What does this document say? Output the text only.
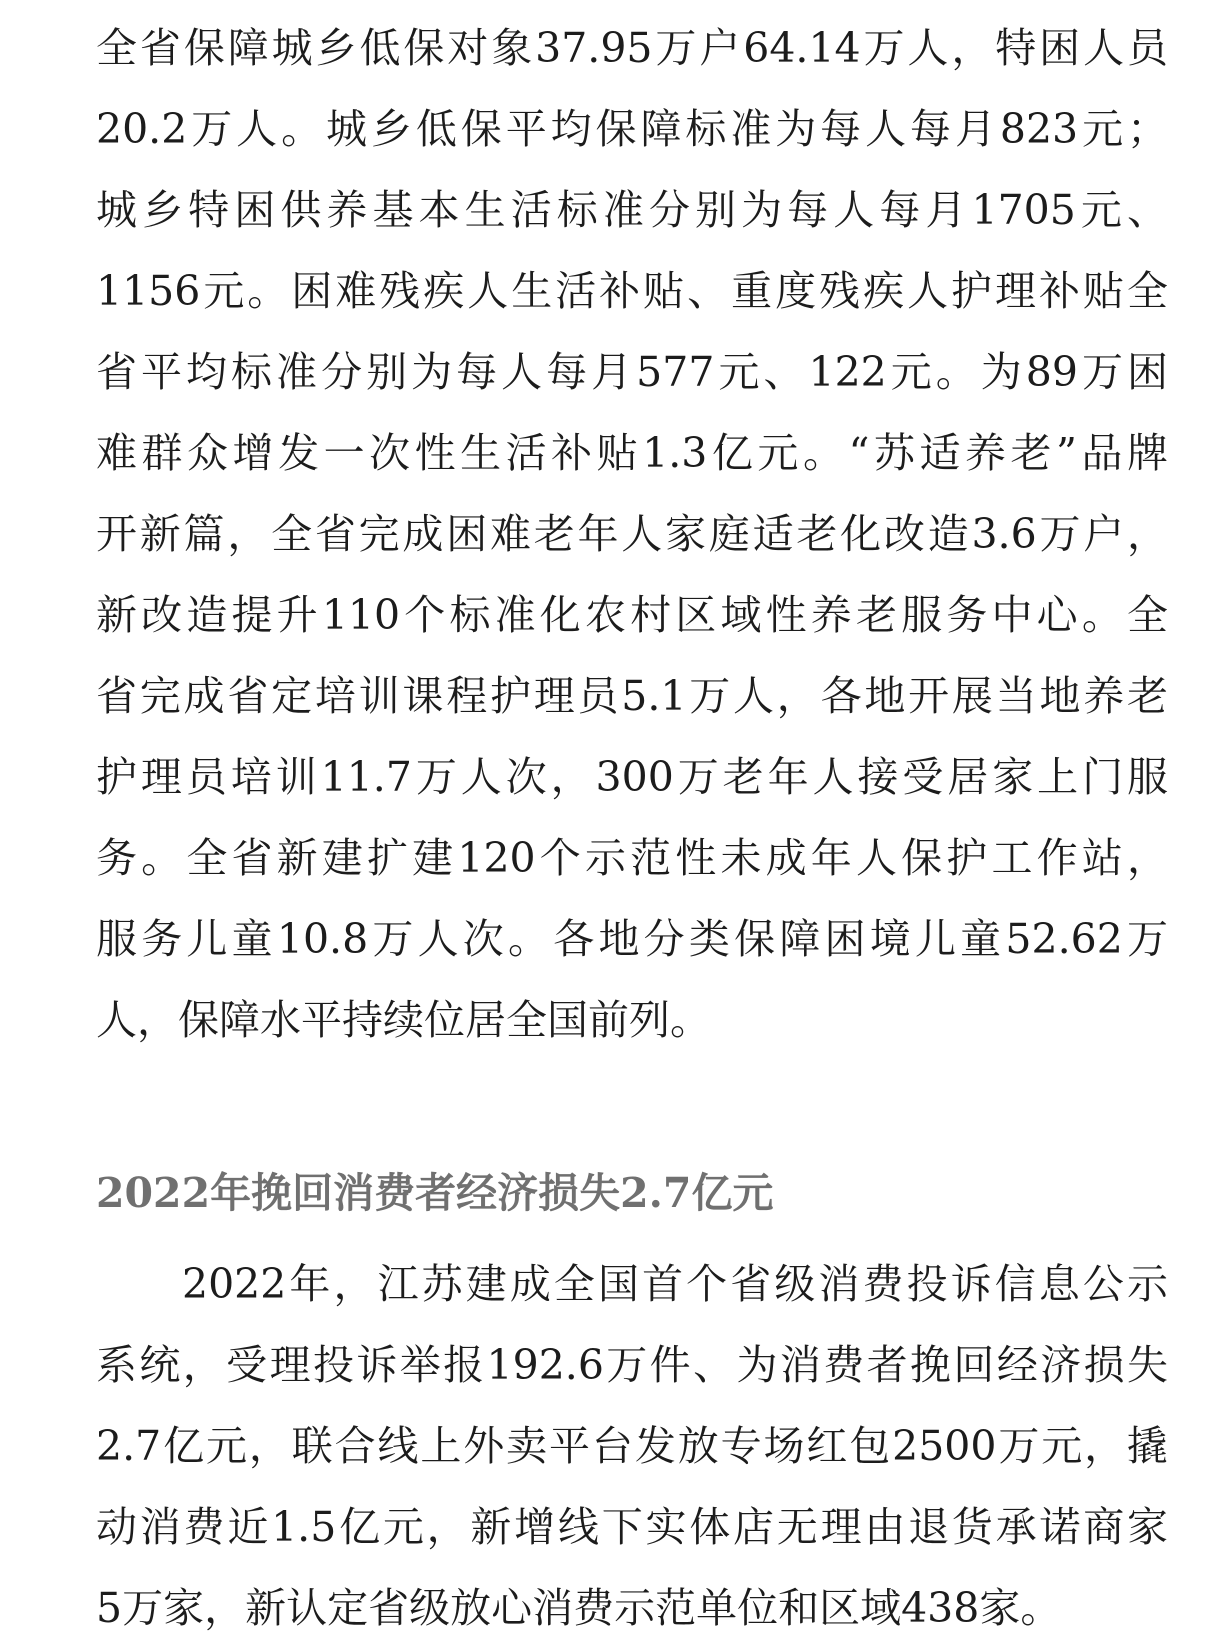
全省保障城乡低保对象37.95万户64.14万人，特困人员
20.2万人。城乡低保平均保障标准为每人每月823元；
城乡特困供养基本生活标准分别为每人每月1705元、
1156元。困难残疾人生活补贴、重度残疾人护理补贴全
省平均标准分别为每人每月577元、122元。为89万困
难群众增发一次性生活补贴1.3亿元。“苏适养老”品牌
开新篇，全省完成困难老年人家庭适老化改造3.6万户，
新改造提升110个标准化农村区域性养老服务中心。全
省完成省定培训课程护理员5.1万人，各地开展当地养老
护理员培训11.7万人次，300万老年人接受居家上门服
务。全省新建扩建120个示范性未成年人保护工作站，
服务儿童10.8万人次。各地分类保障困境儿童52.62万
人，保障水平持续位居全国前列。
2022年挽回消费者经济损失2.7亿元
2022年，江苏建成全国首个省级消费投诉信息公示
系统，受理投诉举报192.6万件、为消费者挽回经济损失
2.7亿元，联合线上外卖平台发放专场红包2500万元，撬
动消费近1.5亿元，新增线下实体店无理由退货承诺商家
5万家，新认定省级放心消费示范单位和区域438家。
